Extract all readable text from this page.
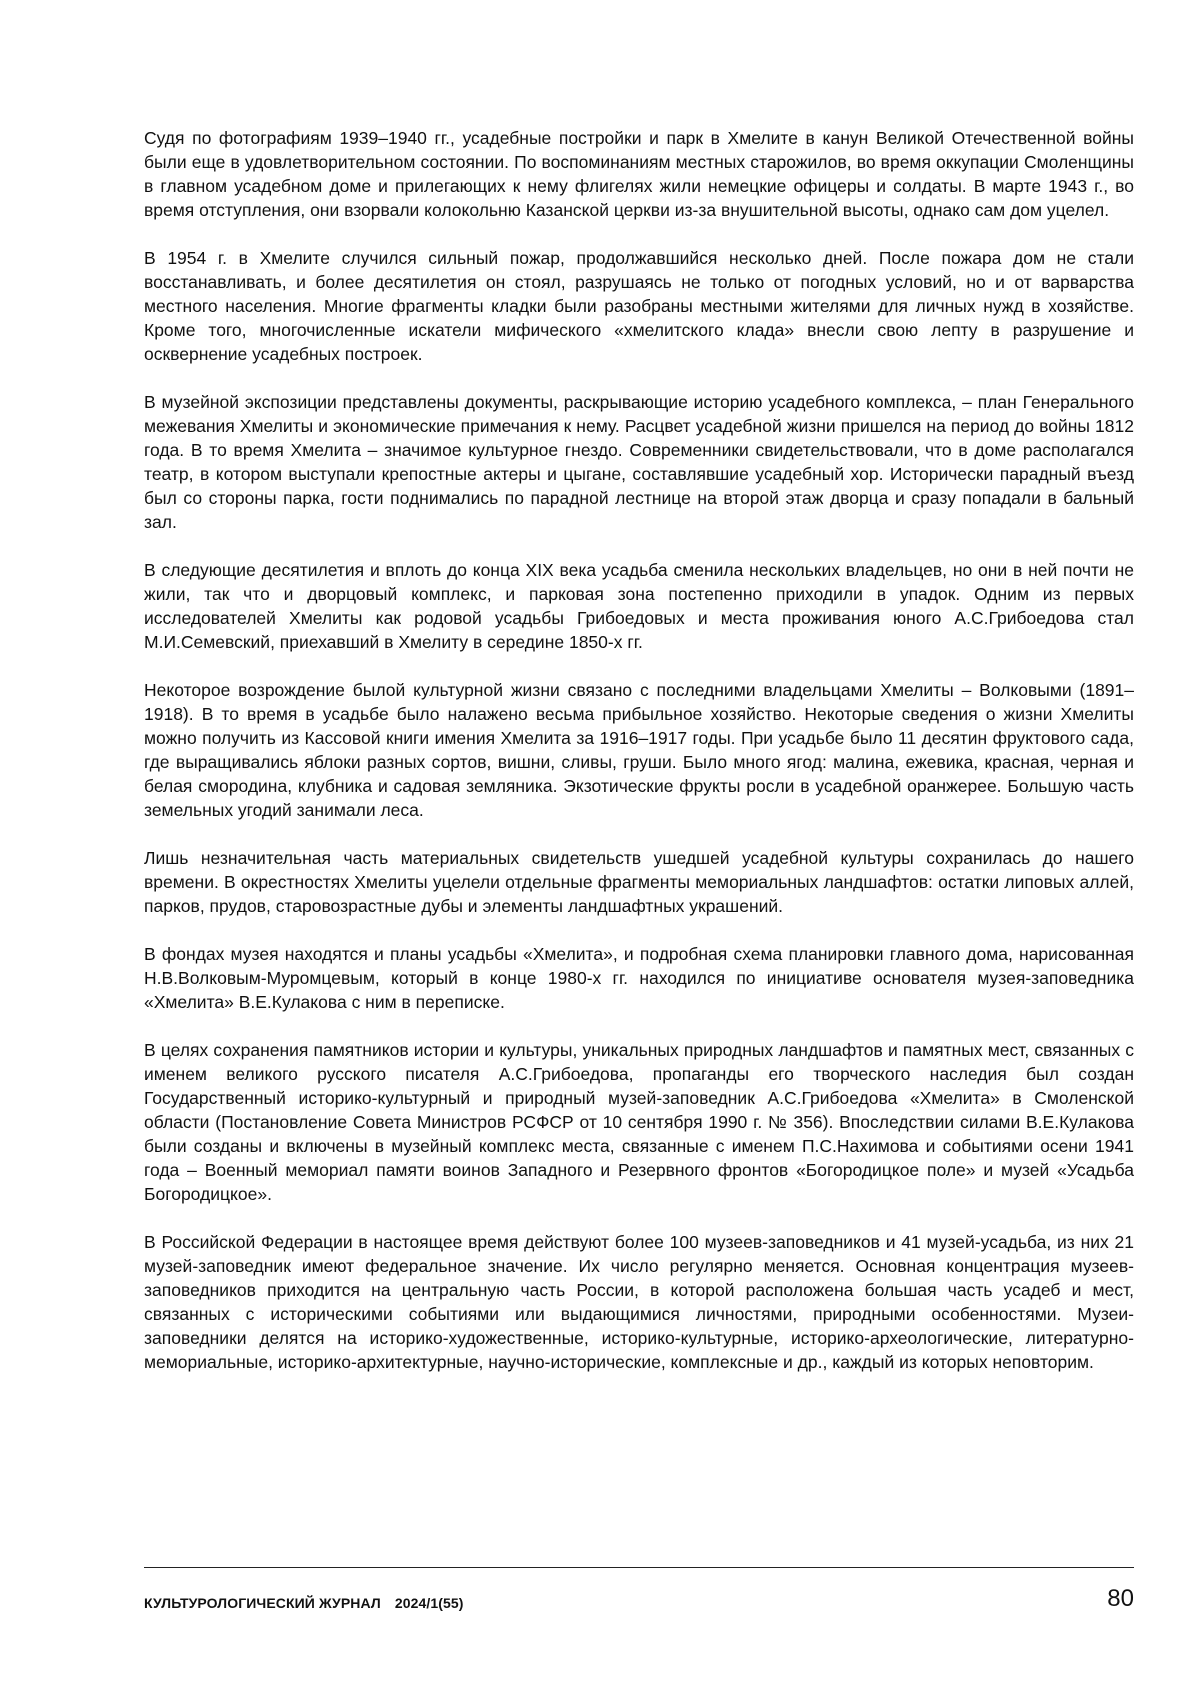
Судя по фотографиям 1939–1940 гг., усадебные постройки и парк в Хмелите в канун Великой Отечественной войны были еще в удовлетворительном состоянии. По воспоминаниям местных старожилов, во время оккупации Смоленщины в главном усадебном доме и прилегающих к нему флигелях жили немецкие офицеры и солдаты. В марте 1943 г., во время отступления, они взорвали колокольню Казанской церкви из-за внушительной высоты, однако сам дом уцелел.

В 1954 г. в Хмелите случился сильный пожар, продолжавшийся несколько дней. После пожара дом не стали восстанавливать, и более десятилетия он стоял, разрушаясь не только от погодных условий, но и от варварства местного населения. Многие фрагменты кладки были разобраны местными жителями для личных нужд в хозяйстве. Кроме того, многочисленные искатели мифического «хмелитского клада» внесли свою лепту в разрушение и осквернение усадебных построек.

В музейной экспозиции представлены документы, раскрывающие историю усадебного комплекса, – план Генерального межевания Хмелиты и экономические примечания к нему. Расцвет усадебной жизни пришелся на период до войны 1812 года. В то время Хмелита – значимое культурное гнездо. Современники свидетельствовали, что в доме располагался театр, в котором выступали крепостные актеры и цыгане, составлявшие усадебный хор. Исторически парадный въезд был со стороны парка, гости поднимались по парадной лестнице на второй этаж дворца и сразу попадали в бальный зал.

В следующие десятилетия и вплоть до конца XIX века усадьба сменила нескольких владельцев, но они в ней почти не жили, так что и дворцовый комплекс, и парковая зона постепенно приходили в упадок. Одним из первых исследователей Хмелиты как родовой усадьбы Грибоедовых и места проживания юного А.С.Грибоедова стал М.И.Семевский, приехавший в Хмелиту в середине 1850-х гг.

Некоторое возрождение былой культурной жизни связано с последними владельцами Хмелиты – Волковыми (1891–1918). В то время в усадьбе было налажено весьма прибыльное хозяйство. Некоторые сведения о жизни Хмелиты можно получить из Кассовой книги имения Хмелита за 1916–1917 годы. При усадьбе было 11 десятин фруктового сада, где выращивались яблоки разных сортов, вишни, сливы, груши. Было много ягод: малина, ежевика, красная, черная и белая смородина, клубника и садовая земляника. Экзотические фрукты росли в усадебной оранжерее. Большую часть земельных угодий занимали леса.

Лишь незначительная часть материальных свидетельств ушедшей усадебной культуры сохранилась до нашего времени. В окрестностях Хмелиты уцелели отдельные фрагменты мемориальных ландшафтов: остатки липовых аллей, парков, прудов, старовозрастные дубы и элементы ландшафтных украшений.

В фондах музея находятся и планы усадьбы «Хмелита», и подробная схема планировки главного дома, нарисованная Н.В.Волковым-Муромцевым, который в конце 1980-х гг. находился по инициативе основателя музея-заповедника «Хмелита» В.Е.Кулакова с ним в переписке.

В целях сохранения памятников истории и культуры, уникальных природных ландшафтов и памятных мест, связанных с именем великого русского писателя А.С.Грибоедова, пропаганды его творческого наследия был создан Государственный историко-культурный и природный музей-заповедник А.С.Грибоедова «Хмелита» в Смоленской области (Постановление Совета Министров РСФСР от 10 сентября 1990 г. № 356). Впоследствии силами В.Е.Кулакова были созданы и включены в музейный комплекс места, связанные с именем П.С.Нахимова и событиями осени 1941 года – Военный мемориал памяти воинов Западного и Резервного фронтов «Богородицкое поле» и музей «Усадьба Богородицкое».

В Российской Федерации в настоящее время действуют более 100 музеев-заповедников и 41 музей-усадьба, из них 21 музей-заповедник имеют федеральное значение. Их число регулярно меняется. Основная концентрация музеев-заповедников приходится на центральную часть России, в которой расположена большая часть усадеб и мест, связанных с историческими событиями или выдающимися личностями, природными особенностями. Музеи-заповедники делятся на историко-художественные, историко-культурные, историко-археологические, литературно-мемориальные, историко-архитектурные, научно-исторические, комплексные и др., каждый из которых неповторим.

КУЛЬТУРОЛОГИЧЕСКИЙ ЖУРНАЛ 2024/1(55)	80
